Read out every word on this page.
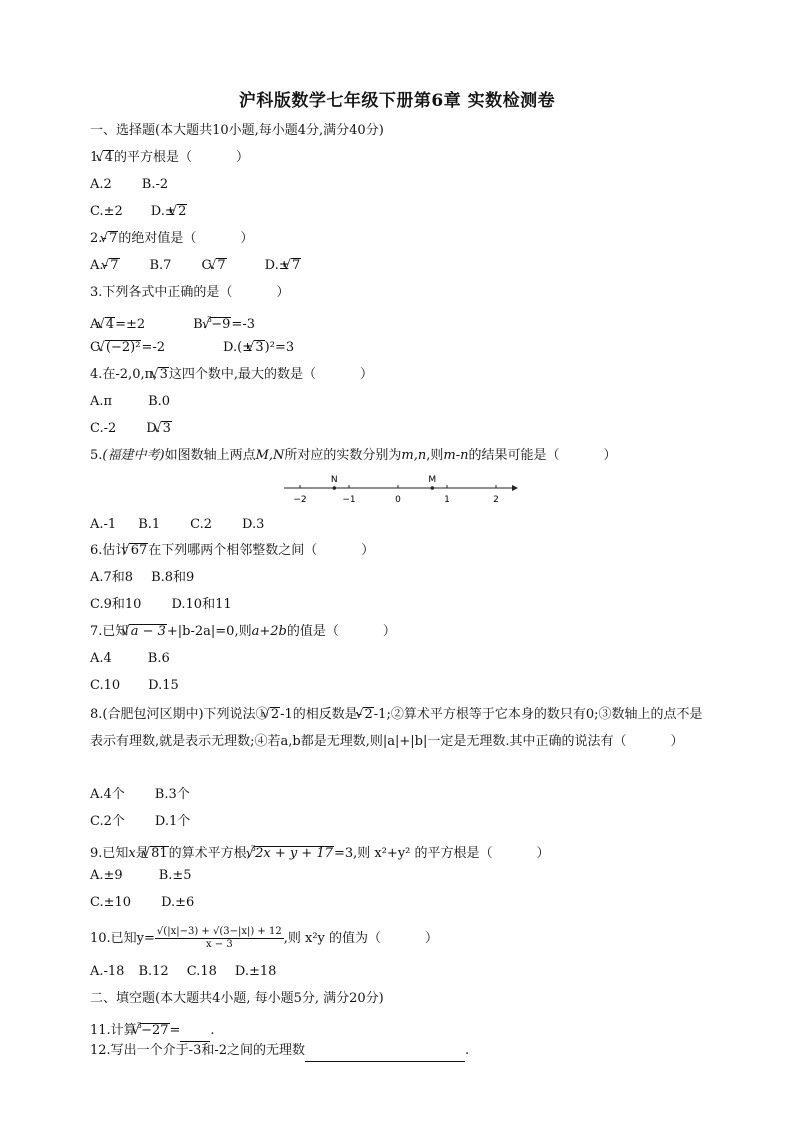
沪科版数学七年级下册第6章 实数检测卷
一、选择题(本大题共10小题,每小题4分,满分40分)
1. √ 4的平方根是（	）
A.2 B.-2
C.±2 D.± √ 2
2.- √ 7的绝对值是（	）
A.- √ 7 B.7 C. √ 7	D.± √ 7
3.下列各式中正确的是（	）
A. √ 4=±2	B.$^3$√ −9=-3
C. √ (−2)²=-2	D.(± √ 3)²=3
4.在-2,0,π, √ 3这四个数中,最大的数是（	）
A.π	B.0
C.-2 D. √ 3
5.(福建中考)如图数轴上两点M,N所对应的实数分别为m,n,则m-n的结果可能是（	）
−2	−1	0	1	2
N	M
A.-1 B.1 C.2 D.3
6.估计 √ 67在下列哪两个相邻整数之间（	）
A.7和8 B.8和9
C.9和10 D.10和11
7.已知 √ a − 3+|b-2a|=0,则a+2b的值是（	）
A.4	B.6
C.10 D.15
8.(合肥包河区期中)下列说法① √ 2-1的相反数是- √ 2-1;②算术平方根等于它本身的数只有0;③数轴上的点不是表示有理数,就是表示无理数;④若a,b都是无理数,则|a|+|b|一定是无理数.其中正确的说法有（	）
A.4个 B.3个
C.2个 D.1个
9.已知x是 √ 81的算术平方根,$^3$√ 2x + y + 17=3,则 x²+y² 的平方根是（	）
A.±9	B.±5
C.±10 D.±6
10.已知$y= \frac{√(|x|-3) + √(3-|x|) + 12}{x - 3}$ ,则 x²y 的值为（	）
A.-18 B.12 C.18 D.±18
二、填空题(本大题共4小题, 每小题5分, 满分20分)
11.计算$^3$√ −27= .
12.写出一个介于-3和-2之间的无理数	.
